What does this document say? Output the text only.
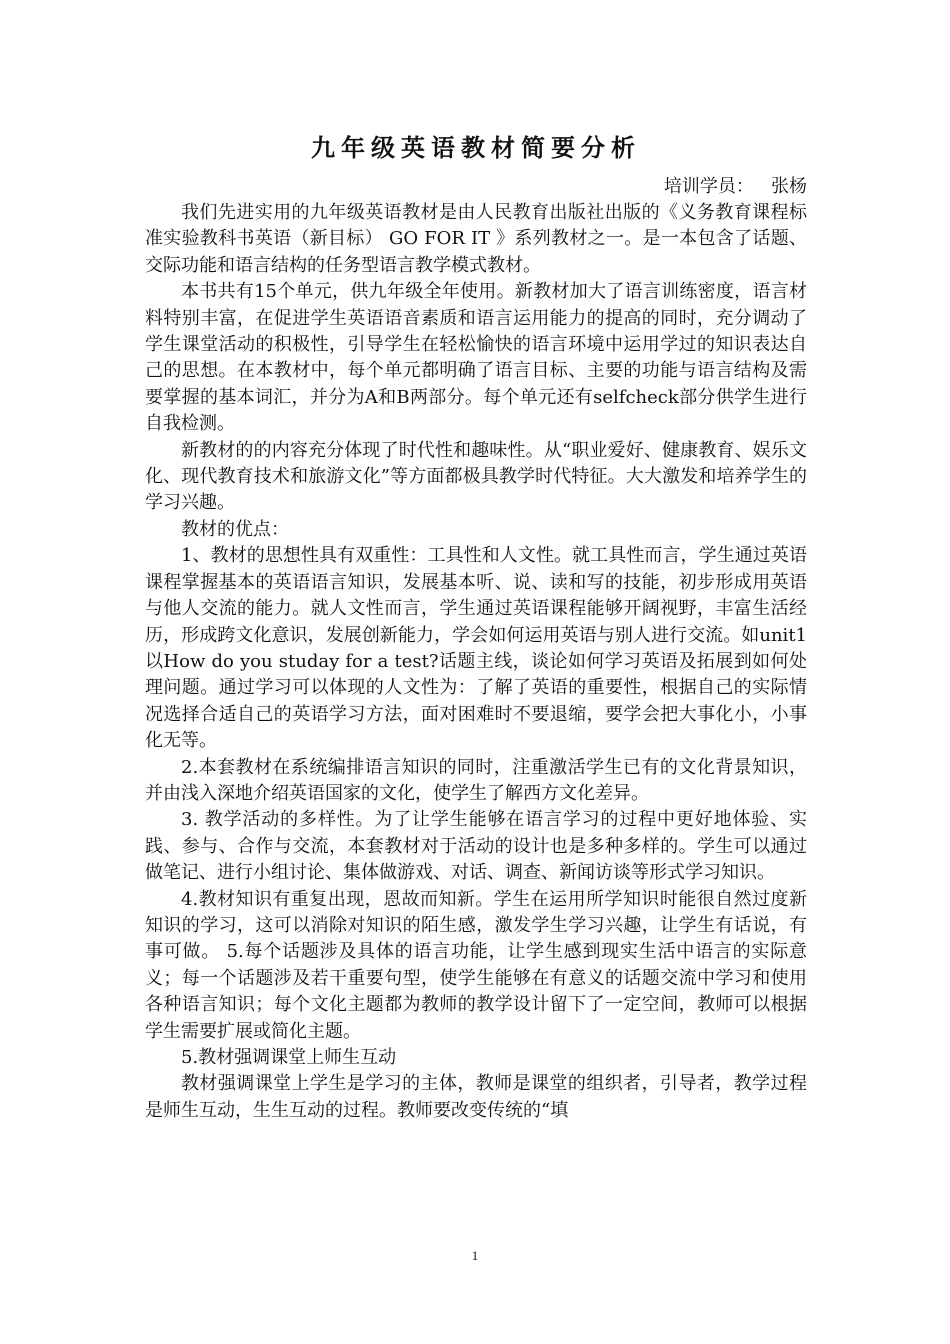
九年级英语教材简要分析
培训学员：   张杨

我们先进实用的九年级英语教材是由人民教育出版社出版的《义务教育课程标准实验教科书英语（新目标） GO FOR IT 》系列教材之一。是一本包含了话题、交际功能和语言结构的任务型语言教学模式教材。

本书共有15个单元，供九年级全年使用。新教材加大了语言训练密度，语言材料特别丰富，在促进学生英语语音素质和语言运用能力的提高的同时，充分调动了学生课堂活动的积极性，引导学生在轻松愉快的语言环境中运用学过的知识表达自己的思想。在本教材中，每个单元都明确了语言目标、主要的功能与语言结构及需要掌握的基本词汇，并分为A和B两部分。每个单元还有selfcheck部分供学生进行自我检测。

新教材的的内容充分体现了时代性和趣味性。从“职业爱好、健康教育、娱乐文化、现代教育技术和旅游文化”等方面都极具教学时代特征。大大激发和培养学生的学习兴趣。

教材的优点：

1、教材的思想性具有双重性：工具性和人文性。就工具性而言，学生通过英语课程掌握基本的英语语言知识，发展基本听、说、读和写的技能，初步形成用英语与他人交流的能力。就人文性而言，学生通过英语课程能够开阔视野，丰富生活经历，形成跨文化意识，发展创新能力，学会如何运用英语与别人进行交流。如unit1 以How do you studay for a test?话题主线，谈论如何学习英语及拓展到如何处理问题。通过学习可以体现的人文性为：了解了英语的重要性，根据自己的实际情况选择合适自己的英语学习方法，面对困难时不要退缩，要学会把大事化小，小事化无等。

2.本套教材在系统编排语言知识的同时，注重激活学生已有的文化背景知识，并由浅入深地介绍英语国家的文化，使学生了解西方文化差异。

3. 教学活动的多样性。为了让学生能够在语言学习的过程中更好地体验、实践、参与、合作与交流，本套教材对于活动的设计也是多种多样的。学生可以通过做笔记、进行小组讨论、集体做游戏、对话、调查、新闻访谈等形式学习知识。

4.教材知识有重复出现，恩故而知新。学生在运用所学知识时能很自然过度新知识的学习，这可以消除对知识的陌生感，激发学生学习兴趣，让学生有话说，有事可做。 5.每个话题涉及具体的语言功能，让学生感到现实生活中语言的实际意义；每一个话题涉及若干重要句型，使学生能够在有意义的话题交流中学习和使用各种语言知识；每个文化主题都为教师的教学设计留下了一定空间，教师可以根据学生需要扩展或简化主题。

5.教材强调课堂上师生互动

教材强调课堂上学生是学习的主体，教师是课堂的组织者，引导者，教学过程是师生互动，生生互动的过程。教师要改变传统的“填

1
